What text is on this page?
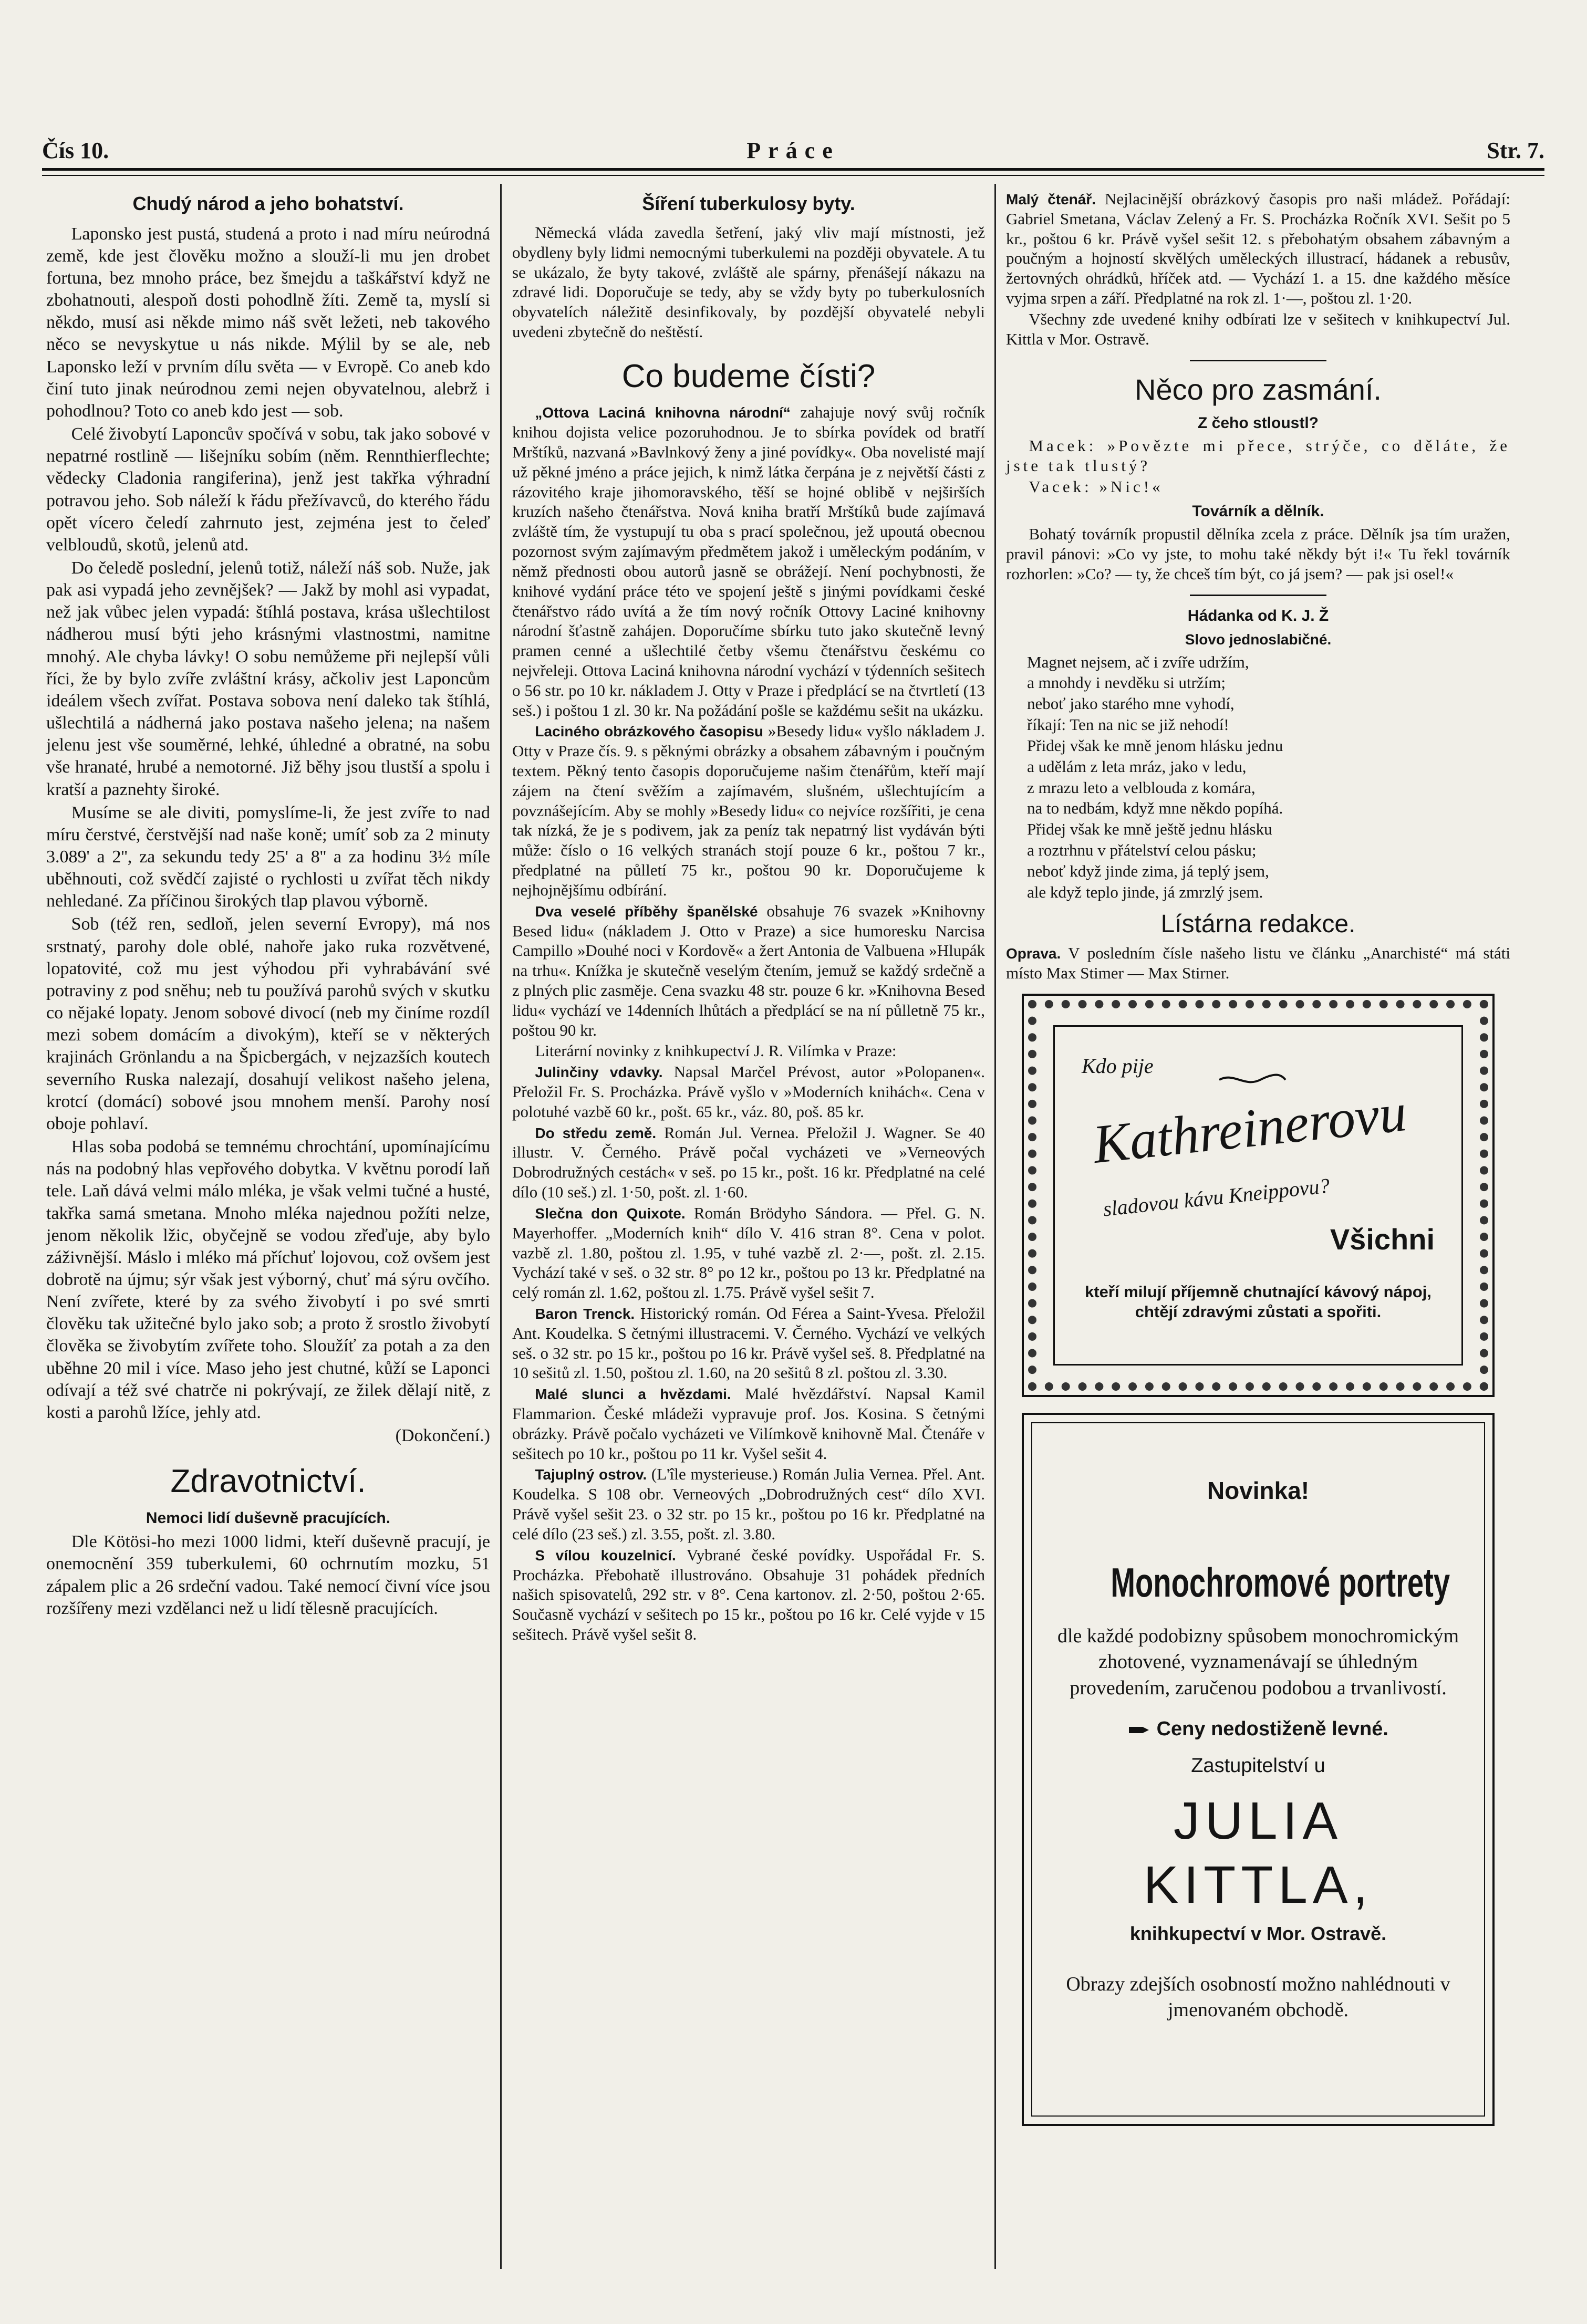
Čís 10.	Práce	Str. 7.
Chudý národ a jeho bohatství.

Laponsko jest pustá, studená a proto i nad míru neúrodná země, kde jest člověku možno a slouží-li mu jen drobet fortuna, bez mnoho práce, bez šmejdu a taškářství když ne zbohatnouti, alespoň dosti pohodlně žíti. Země ta, myslí si někdo, musí asi někde mimo náš svět ležeti, neb takového něco se nevyskytue u nás nikde. Mýlil by se ale, neb Laponsko leží v prvním dílu světa — v Evropě. Co aneb kdo činí tuto jinak neúrodnou zemi nejen obyvatelnou, alebrž i pohodlnou? Toto co aneb kdo jest — sob.

Celé živobytí Laponcův spočívá v sobu, tak jako sobové v nepatrné rostlině — lišejníku sobím (něm. Rennthierflechte; vědecky Cladonia rangiferina), jenž jest takřka výhradní potravou jeho. Sob náleží k řádu přežívavců, do kterého řádu opět vícero čeledí zahrnuto jest, zejména jest to čeleď velbloudů, skotů, jelenů atd.

Do čeledě poslední, jelenů totiž, náleží náš sob. Nuže, jak pak asi vypadá jeho zevnějšek? — Jakž by mohl asi vypadat, než jak vůbec jelen vypadá: štíhlá postava, krása ušlechtilost nádherou musí býti jeho krásnými vlastnostmi, namitne mnohý. Ale chyba lávky! O sobu nemůžeme při nejlepší vůli říci, že by bylo zvíře zvláštní krásy, ačkoliv jest Laponcům ideálem všech zvířat. Postava sobova není daleko tak štíhlá, ušlechtilá a nádherná jako postava našeho jelena; na našem jelenu jest vše souměrné, lehké, úhledné a obratné, na sobu vše hranaté, hrubé a nemotorné. Již běhy jsou tlustší a spolu i kratší a paznehty široké.

Musíme se ale diviti, pomyslíme-li, že jest zvíře to nad míru čerstvé, čerstvější nad naše koně; umíť sob za 2 minuty 3.089' a 2'', za sekundu tedy 25' a 8'' a za hodinu 3½ míle uběhnouti, což svědčí zajisté o rychlosti u zvířat těch nikdy nehledané. Za příčinou širokých tlap plavou výborně.

Sob (též ren, sedloň, jelen severní Evropy), má nos srstnatý, parohy dole oblé, nahoře jako ruka rozvětvené, lopatovité, což mu jest výhodou při vyhrabávání své potraviny z pod sněhu; neb tu používá parohů svých v skutku co nějaké lopaty. Jenom sobové divocí (neb my činíme rozdíl mezi sobem domácím a divokým), kteří se v některých krajinách Grönlandu a na Špicbergách, v nejzazších koutech severního Ruska nalezají, dosahují velikost našeho jelena, krotcí (domácí) sobové jsou mnohem menší. Parohy nosí oboje pohlaví.

Hlas soba podobá se temnému chrochtání, upomínajícímu nás na podobný hlas vepřového dobytka. V květnu porodí laň tele. Laň dává velmi málo mléka, je však velmi tučné a husté, takřka samá smetana. Mnoho mléka najednou požíti nelze, jenom několik lžic, obyčejně se vodou zřeďuje, aby bylo záživnější. Máslo i mléko má příchuť lojovou, což ovšem jest dobrotě na újmu; sýr však jest výborný, chuť má sýru ovčího. Není zvířete, které by za svého živobytí i po své smrti člověku tak užitečné bylo jako sob; a proto ž srostlo živobytí člověka se živobytím zvířete toho. Sloužíť za potah a za den uběhne 20 mil i více. Maso jeho jest chutné, kůží se Laponci odívají a též své chatrče ni pokrývají, ze žilek dělají nitě, z kosti a parohů lžíce, jehly atd.

(Dokončení.)

Zdravotnictví.
Nemoci lidí duševně pracujících.

Dle Kötösi-ho mezi 1000 lidmi, kteří duševně pracují, je onemocnění 359 tuberkulemi, 60 ochrnutím mozku, 51 zápalem plic a 26 srdeční vadou. Také nemocí čivní více jsou rozšířeny mezi vzdělanci než u lidí tělesně pracujících.

Šíření tuberkulosy byty.

Německá vláda zavedla šetření, jaký vliv mají místnosti, jež obydleny byly lidmi nemocnými tuberkulemi na později obyvatele. A tu se ukázalo, že byty takové, zvláště ale spárny, přenášejí nákazu na zdravé lidi. Doporučuje se tedy, aby se vždy byty po tuberkulosních obyvatelích náležitě desinfikovaly, by pozdější obyvatelé nebyli uvedeni zbytečně do neštěstí.

Co budeme čísti?

„Ottova Laciná knihovna národní“ zahajuje nový svůj ročník knihou dojista velice pozoruhodnou. Je to sbírka povídek od bratří Mrštíků, nazvaná »Bavlnkový ženy a jiné povídky«. Oba novelisté mají už pěkné jméno a práce jejich, k nimž látka čerpána je z největší části z rázovitého kraje jihomoravského, těší se hojné oblibě v nejširších kruzích našeho čtenářstva. Nová kniha bratří Mrštíků bude zajímavá zvláště tím, že vystupují tu oba s prací společnou, jež upoutá obecnou pozornost svým zajímavým předmětem jakož i uměleckým podáním, v němž přednosti obou autorů jasně se obrážejí. Není pochybnosti, že knihové vydání práce této ve spojení ještě s jinými povídkami české čtenářstvo rádo uvítá a že tím nový ročník Ottovy Laciné knihovny národní šťastně zahájen. Doporučíme sbírku tuto jako skutečně levný pramen cenné a ušlechtilé četby všemu čtenářstvu českému co nejvřeleji. Ottova Laciná knihovna národní vychází v týdenních sešitech o 56 str. po 10 kr. nákladem J. Otty v Praze i předplácí se na čtvrtletí (13 seš.) i poštou 1 zl. 30 kr. Na požádání pošle se každému sešit na ukázku.

Laciného obrázkového časopisu »Besedy lidu« vyšlo nákladem J. Otty v Praze čís. 9. s pěknými obrázky a obsahem zábavným i poučným textem. Pěkný tento časopis doporučujeme našim čtenářům, kteří mají zájem na čtení svěžím a zajímavém, slušném, ušlechtujícím a povznášejícím. Aby se mohly »Besedy lidu« co nejvíce rozšířiti, je cena tak nízká, že je s podivem, jak za peníz tak nepatrný list vydáván býti může: číslo o 16 velkých stranách stojí pouze 6 kr., poštou 7 kr., předplatné na půlletí 75 kr., poštou 90 kr. Doporučujeme k nejhojnějšímu odbírání.

Dva veselé příběhy španělské obsahuje 76 svazek »Knihovny Besed lidu« (nákladem J. Otto v Praze) a sice humoresku Narcisa Campillo »Douhé noci v Kordově« a žert Antonia de Valbuena »Hlupák na trhu«. Knížka je skutečně veselým čtením, jemuž se každý srdečně a z plných plic zasměje. Cena svazku 48 str. pouze 6 kr. »Knihovna Besed lidu« vychází ve 14denních lhůtách a předplácí se na ní půlletně 75 kr., poštou 90 kr.

Literární novinky z knihkupectví J. R. Vilímka v Praze:

Julinčiny vdavky. Napsal Marčel Prévost, autor »Polopanen«. Přeložil Fr. S. Procházka. Právě vyšlo v »Moderních knihách«. Cena v polotuhé vazbě 60 kr., pošt. 65 kr., váz. 80, poš. 85 kr.

Do středu země. Román Jul. Vernea. Přeložil J. Wagner. Se 40 illustr. V. Černého. Právě počal vycházeti ve »Verneových Dobrodružných cestách« v seš. po 15 kr., pošt. 16 kr. Předplatné na celé dílo (10 seš.) zl. 1·50, pošt. zl. 1·60.

Slečna don Quixote. Román Brödyho Sándora. — Přel. G. N. Mayerhoffer. „Moderních knih“ dílo V. 416 stran 8°. Cena v polot. vazbě zl. 1.80, poštou zl. 1.95, v tuhé vazbě zl. 2·—, pošt. zl. 2.15. Vychází také v seš. o 32 str. 8° po 12 kr., poštou po 13 kr. Předplatné na celý román zl. 1.62, poštou zl. 1.75. Právě vyšel sešit 7.

Baron Trenck. Historický román. Od Férea a Saint-Yvesa. Přeložil Ant. Koudelka. S četnými illustracemi. V. Černého. Vychází ve velkých seš. o 32 str. po 15 kr., poštou po 16 kr. Právě vyšel seš. 8. Předplatné na 10 sešitů zl. 1.50, poštou zl. 1.60, na 20 sešitů 8 zl. poštou zl. 3.30.

Malé slunci a hvězdami. Malé hvězdářství. Napsal Kamil Flammarion. České mládeži vypravuje prof. Jos. Kosina. S četnými obrázky. Právě počalo vycházeti ve Vilímkově knihovně Mal. Čtenáře v sešitech po 10 kr., poštou po 11 kr. Vyšel sešit 4.

Tajuplný ostrov. (L'île mysterieuse.) Román Julia Vernea. Přel. Ant. Koudelka. S 108 obr. Verneových „Dobrodružných cest“ dílo XVI. Právě vyšel sešit 23. o 32 str. po 15 kr., poštou po 16 kr. Předplatné na celé dílo (23 seš.) zl. 3.55, pošt. zl. 3.80.

S vílou kouzelnicí. Vybrané české povídky. Uspořádal Fr. S. Procházka. Přebohatě illustrováno. Obsahuje 31 pohádek předních našich spisovatelů, 292 str. v 8°. Cena kartonov. zl. 2·50, poštou 2·65. Současně vychází v sešitech po 15 kr., poštou po 16 kr. Celé vyjde v 15 sešitech. Právě vyšel sešit 8.

Malý čtenář. Nejlacinější obrázkový časopis pro naši mládež. Pořádají: Gabriel Smetana, Václav Zelený a Fr. S. Procházka Ročník XVI. Sešit po 5 kr., poštou 6 kr. Právě vyšel sešit 12. s přebohatým obsahem zábavným a poučným a hojností skvělých uměleckých illustrací, hádanek a rebusův, žertovných ohrádků, hříček atd. — Vychází 1. a 15. dne každého měsíce vyjma srpen a září. Předplatné na rok zl. 1·—, poštou zl. 1·20.

Všechny zde uvedené knihy odbírati lze v sešitech v knihkupectví Jul. Kittla v Mor. Ostravě.

Něco pro zasmání.
Z čeho stloustl?

Macek: »Povězte mi přece, strýče, co děláte, že jste tak tlustý?

Vacek: »Nic!«

Továrník a dělník.

Bohatý továrník propustil dělníka zcela z práce. Dělník jsa tím uražen, pravil pánovi: »Co vy jste, to mohu také někdy být i!« Tu řekl továrník rozhorlen: »Co? — ty, že chceš tím být, co já jsem? — pak jsi osel!«

Hádanka od K. J. Ž
Slovo jednoslabičné.

Magnet nejsem, ač i zvíře udržím,

a mnohdy i nevděku si utržím;

neboť jako starého mne vyhodí,

říkají: Ten na nic se již nehodí!

Přidej však ke mně jenom hlásku jednu

a udělám z leta mráz, jako v ledu,

z mrazu leto a velblouda z komára,

na to nedbám, když mne někdo popíhá.

Přidej však ke mně ještě jednu hlásku

a roztrhnu v přátelství celou pásku;

neboť když jinde zima, já teplý jsem,

ale když teplo jinde, já zmrzlý jsem.

Lístárna redakce.

Oprava. V posledním čísle našeho listu ve článku „Anarchisté“ má státi místo Max Stimer — Max Stirner.

Kdo pije
Kathreinerovu
sladovou kávu Kneippovu?
Všichni
kteří milují příjemně chutnající kávový nápoj, chtějí zdravými zůstati a spořiti.
Novinka!
Monochromové portrety
dle každé podobizny spůsobem monochromickým zhotovené, vyznamenávají se úhledným provedením, zaručenou podobou a trvanlivostí.
Ceny nedostiženě levné.
Zastupitelství u
JULIA KITTLA,
knihkupectví v Mor. Ostravě.
Obrazy zdejších osobností možno nahlédnouti v jmenovaném obchodě.
